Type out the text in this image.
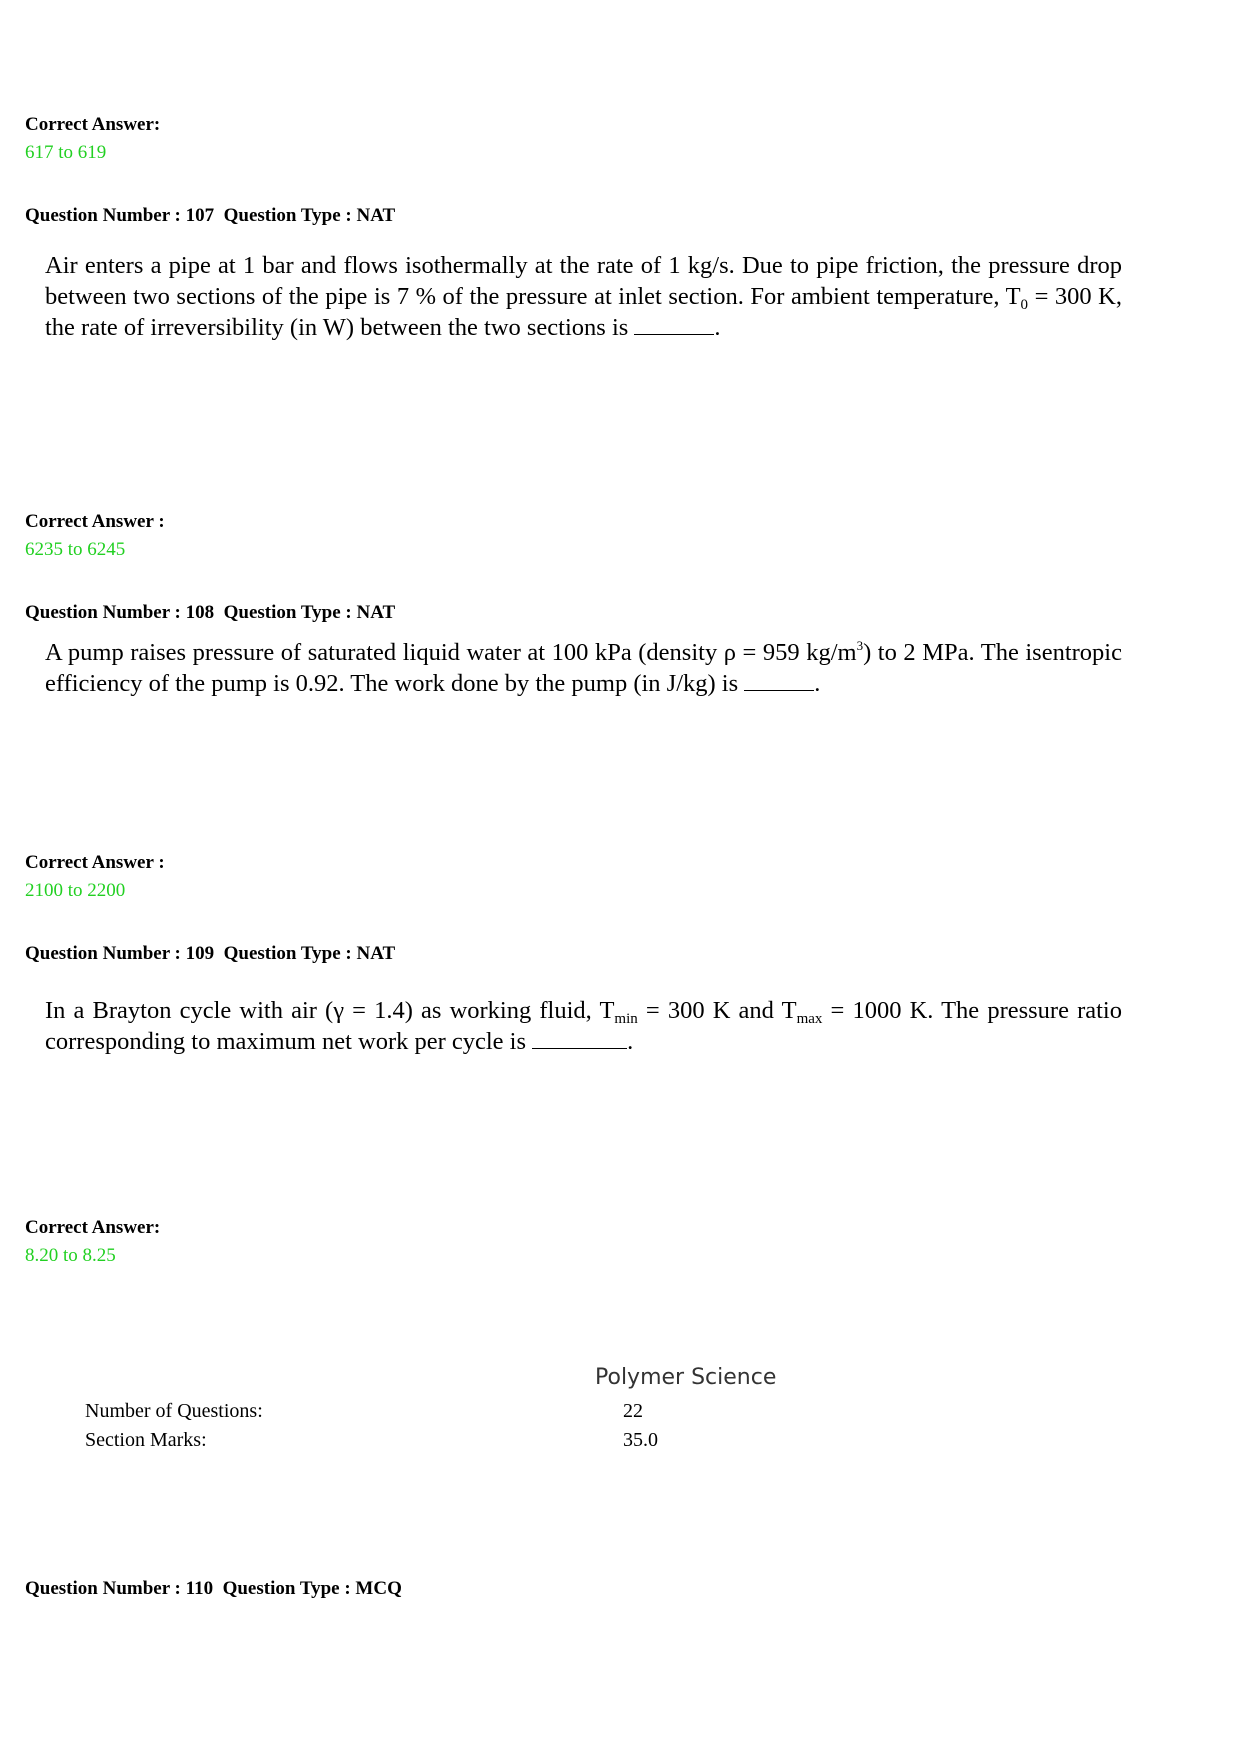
Correct Answer:
617 to 619
Question Number : 107  Question Type : NAT
Air enters a pipe at 1 bar and flows isothermally at the rate of 1 kg/s. Due to pipe friction, the pressure drop between two sections of the pipe is 7 % of the pressure at inlet section. For ambient temperature, $T_0 = 300$ K, the rate of irreversibility (in W) between the two sections is	.
Correct Answer :
6235 to 6245
Question Number : 108  Question Type : NAT
A pump raises pressure of saturated liquid water at 100 kPa (density ρ = 959 $kg/m^3$) to 2 MPa. The isentropic efficiency of the pump is 0.92. The work done by the pump (in J/kg) is	.
Correct Answer :
2100 to 2200
Question Number : 109  Question Type : NAT
In a Brayton cycle with air (γ = 1.4) as working fluid, $T_{min} = 300$ K and $T_{max} = 1000$ K. The pressure ratio corresponding to maximum net work per cycle is	.
Correct Answer:
8.20 to 8.25
Polymer Science
Number of Questions:	22
Section Marks:	35.0
Question Number : 110  Question Type : MCQ
